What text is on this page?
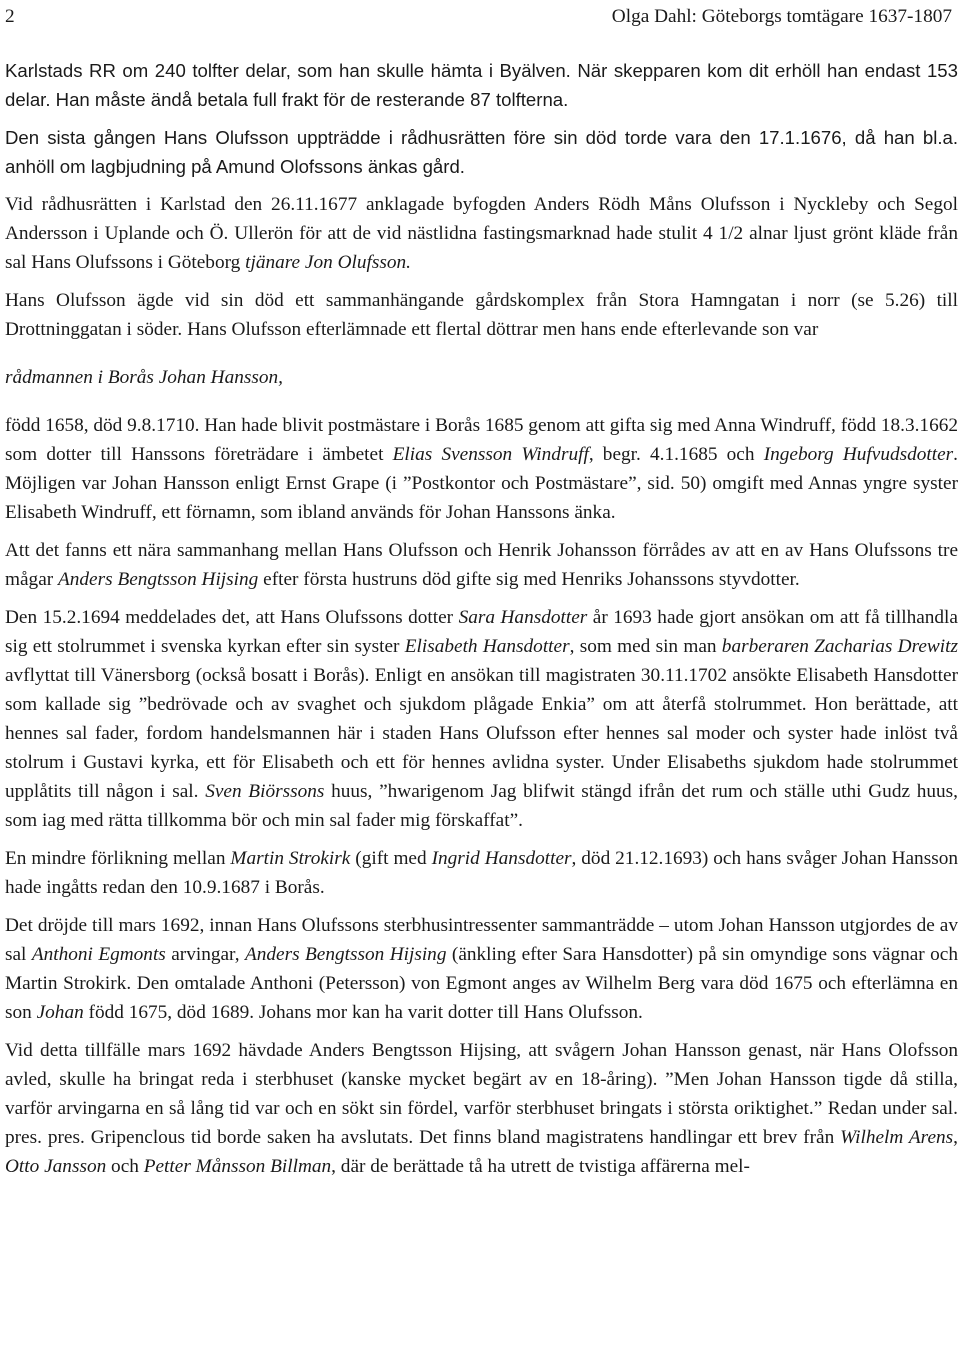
2	Olga Dahl: Göteborgs tomtägare 1637-1807

Karlstads RR om 240 tolfter delar, som han skulle hämta i Byälven. När skepparen kom dit erhöll han endast 153 delar. Han måste ändå betala full frakt för de resterande 87 tolfterna.

Den sista gången Hans Olufsson uppträdde i rådhusrätten före sin död torde vara den 17.1.1676, då han bl.a. anhöll om lagbjudning på Amund Olofssons änkas gård.

Vid rådhusrätten i Karlstad den 26.11.1677 anklagade byfogden Anders Rödh Måns Olufsson i Nyckleby och Segol Andersson i Uplande och Ö. Ullerön för att de vid nästlidna fastingsmarknad hade stulit 4 1/2 alnar ljust grönt kläde från sal Hans Olufssons i Göteborg tjänare Jon Olufsson.

Hans Olufsson ägde vid sin död ett sammanhängande gårdskomplex från Stora Hamngatan i norr (se 5.26) till Drottninggatan i söder. Hans Olufsson efterlämnade ett flertal döttrar men hans ende efterlevande son var

rådmannen i Borås Johan Hansson,

född 1658, död 9.8.1710. Han hade blivit postmästare i Borås 1685 genom att gifta sig med Anna Windruff, född 18.3.1662 som dotter till Hanssons företrädare i ämbetet Elias Svensson Windruff, begr. 4.1.1685 och Ingeborg Hufvudsdotter. Möjligen var Johan Hansson enligt Ernst Grape (i ”Postkontor och Postmästare”, sid. 50) omgift med Annas yngre syster Elisabeth Windruff, ett förnamn, som ibland används för Johan Hanssons änka.

Att det fanns ett nära sammanhang mellan Hans Olufsson och Henrik Johansson förrådes av att en av Hans Olufssons tre mågar Anders Bengtsson Hijsing efter första hustruns död gifte sig med Henriks Johanssons styvdotter.

Den 15.2.1694 meddelades det, att Hans Olufssons dotter Sara Hansdotter år 1693 hade gjort ansökan om att få tillhandla sig ett stolrummet i svenska kyrkan efter sin syster Elisabeth Hansdotter, som med sin man barberaren Zacharias Drewitz avflyttat till Vänersborg (också bosatt i Borås). Enligt en ansökan till magistraten 30.11.1702 ansökte Elisabeth Hansdotter som kallade sig ”bedrövade och av svaghet och sjukdom plågade Enkia” om att återfå stolrummet. Hon berättade, att hennes sal fader, fordom handelsmannen här i staden Hans Olufsson efter hennes sal moder och syster hade inlöst två stolrum i Gustavi kyrka, ett för Elisabeth och ett för hennes avlidna syster. Under Elisabeths sjukdom hade stolrummet upplåtits till någon i sal. Sven Biörssons huus, ”hwarigenom Jag blifwit stängd ifrån det rum och ställe uthi Gudz huus, som iag med rätta tillkomma bör och min sal fader mig förskaffat”.

En mindre förlikning mellan Martin Strokirk (gift med Ingrid Hansdotter, död 21.12.1693) och hans svåger Johan Hansson hade ingåtts redan den 10.9.1687 i Borås.

Det dröjde till mars 1692, innan Hans Olufssons sterbhusintressenter sammanträdde – utom Johan Hansson utgjordes de av sal Anthoni Egmonts arvingar, Anders Bengtsson Hijsing (änkling efter Sara Hansdotter) på sin omyndige sons vägnar och Martin Strokirk. Den omtalade Anthoni (Petersson) von Egmont anges av Wilhelm Berg vara död 1675 och efterlämna en son Johan född 1675, död 1689. Johans mor kan ha varit dotter till Hans Olufsson.

Vid detta tillfälle mars 1692 hävdade Anders Bengtsson Hijsing, att svågern Johan Hansson genast, när Hans Olofsson avled, skulle ha bringat reda i sterbhuset (kanske mycket begärt av en 18-åring). ”Men Johan Hansson tigde då stilla, varför arvingarna en så lång tid var och en sökt sin fördel, varför sterbhuset bringats i största oriktighet.” Redan under sal. pres. pres. Gripenclous tid borde saken ha avslutats. Det finns bland magistratens handlingar ett brev från Wilhelm Arens, Otto Jansson och Petter Månsson Billman, där de berättade tå ha utrett de tvistiga affärerna mel-
